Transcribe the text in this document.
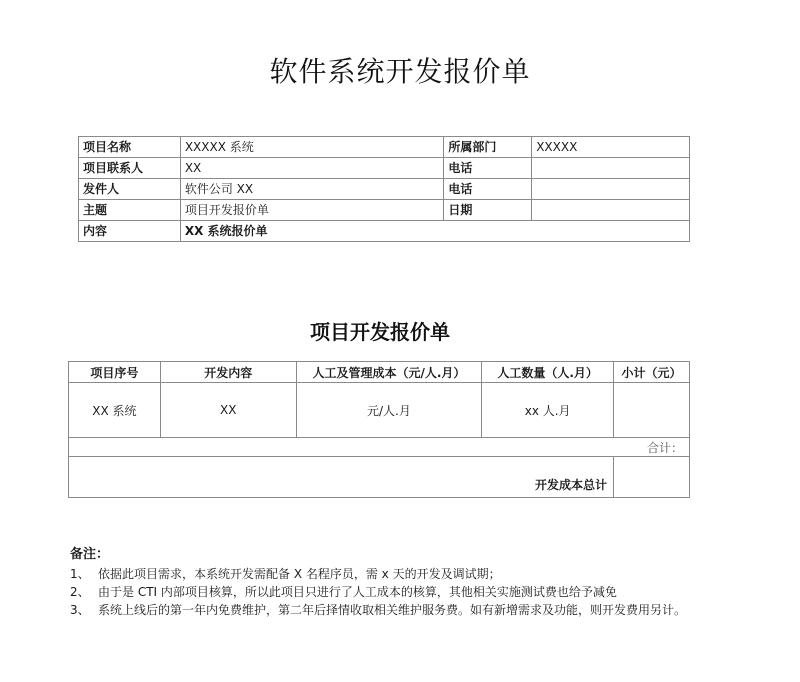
软件系统开发报价单
项目名称	XXXXX 系统	所属部门	XXXXX
项目联系人	XX	电话	
发件人	软件公司 XX	电话	
主题	项目开发报价单	日期	
内容	XX 系统报价单		
项目开发报价单
项目序号	开发内容	人工及管理成本（元/人.月）	人工数量（人.月）	小计（元）
XX 系统	XX	元/人.月	xx 人.月	
合计：				
开发成本总计				
备注：
1、 依据此项目需求，本系统开发需配备 X 名程序员，需 x 天的开发及调试期；
2、 由于是 CTI 内部项目核算，所以此项目只进行了人工成本的核算，其他相关实施测试费也给予减免
3、 系统上线后的第一年内免费维护，第二年后择情收取相关维护服务费。如有新增需求及功能，则开发费用另计。
